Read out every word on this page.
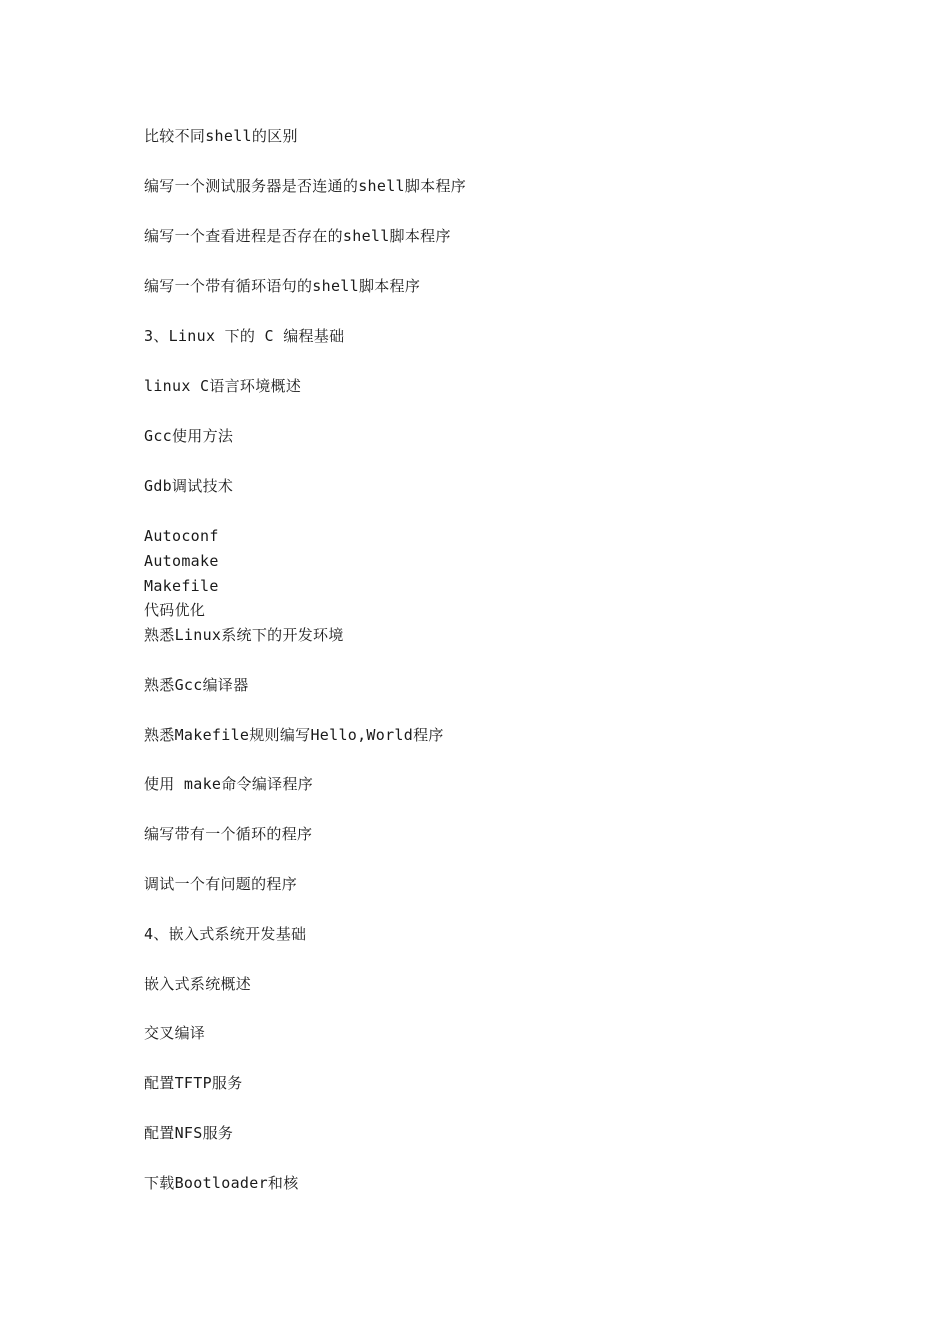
比较不同shell的区别
编写一个测试服务器是否连通的shell脚本程序
编写一个查看进程是否存在的shell脚本程序
编写一个带有循环语句的shell脚本程序
3、Linux 下的 C 编程基础
linux C语言环境概述
Gcc使用方法
Gdb调试技术
Autoconf
Automake
Makefile
代码优化
熟悉Linux系统下的开发环境
熟悉Gcc编译器
熟悉Makefile规则编写Hello,World程序
使用 make命令编译程序
编写带有一个循环的程序
调试一个有问题的程序
4、嵌入式系统开发基础
嵌入式系统概述
交叉编译
配置TFTP服务
配置NFS服务
下载Bootloader和核
